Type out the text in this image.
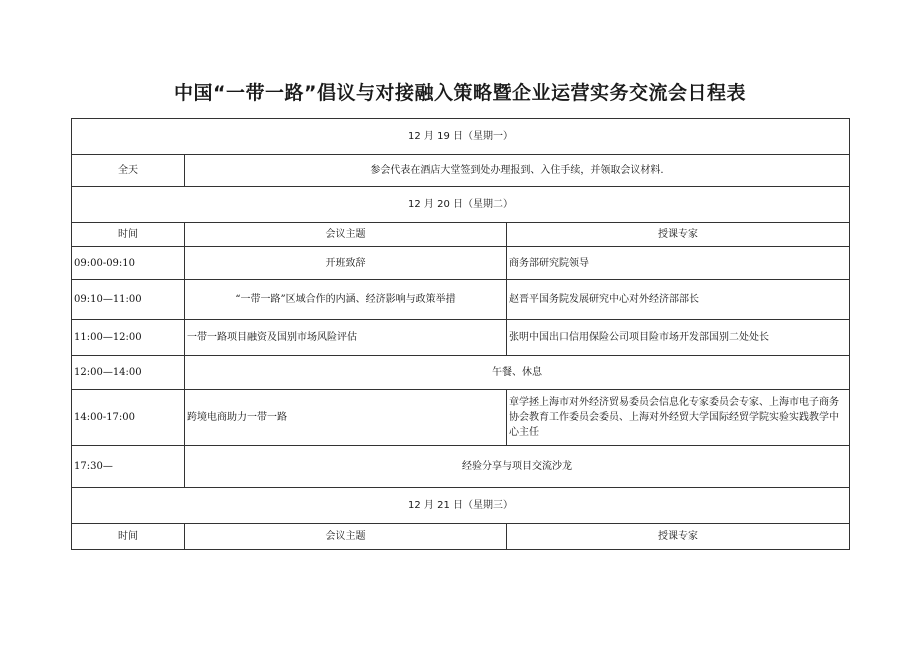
中国“一带一路”倡议与对接融入策略暨企业运营实务交流会日程表
12 月 19 日（星期一）		
全天	参会代表在酒店大堂签到处办理报到、入住手续，并领取会议材料.	
12 月 20 日（星期二）		
时间	会议主题	授课专家
09:00-09:10	开班致辞	商务部研究院领导
09:10—11:00	“一带一路”区域合作的内涵、经济影响与政策举措	赵晋平国务院发展研究中心对外经济部部长
11:00—12:00	一带一路项目融资及国别市场风险评估	张明中国出口信用保险公司项目险市场开发部国别二处处长
12:00—14:00	午餐、休息	
14:00-17:00	跨境电商助力一带一路	章学拯上海市对外经济贸易委员会信息化专家委员会专家、上海市电子商务协会教育工作委员会委员、上海对外经贸大学国际经贸学院实验实践教学中心主任
17:30—	经验分享与项目交流沙龙	
12 月 21 日（星期三）		
时间	会议主题	授课专家
